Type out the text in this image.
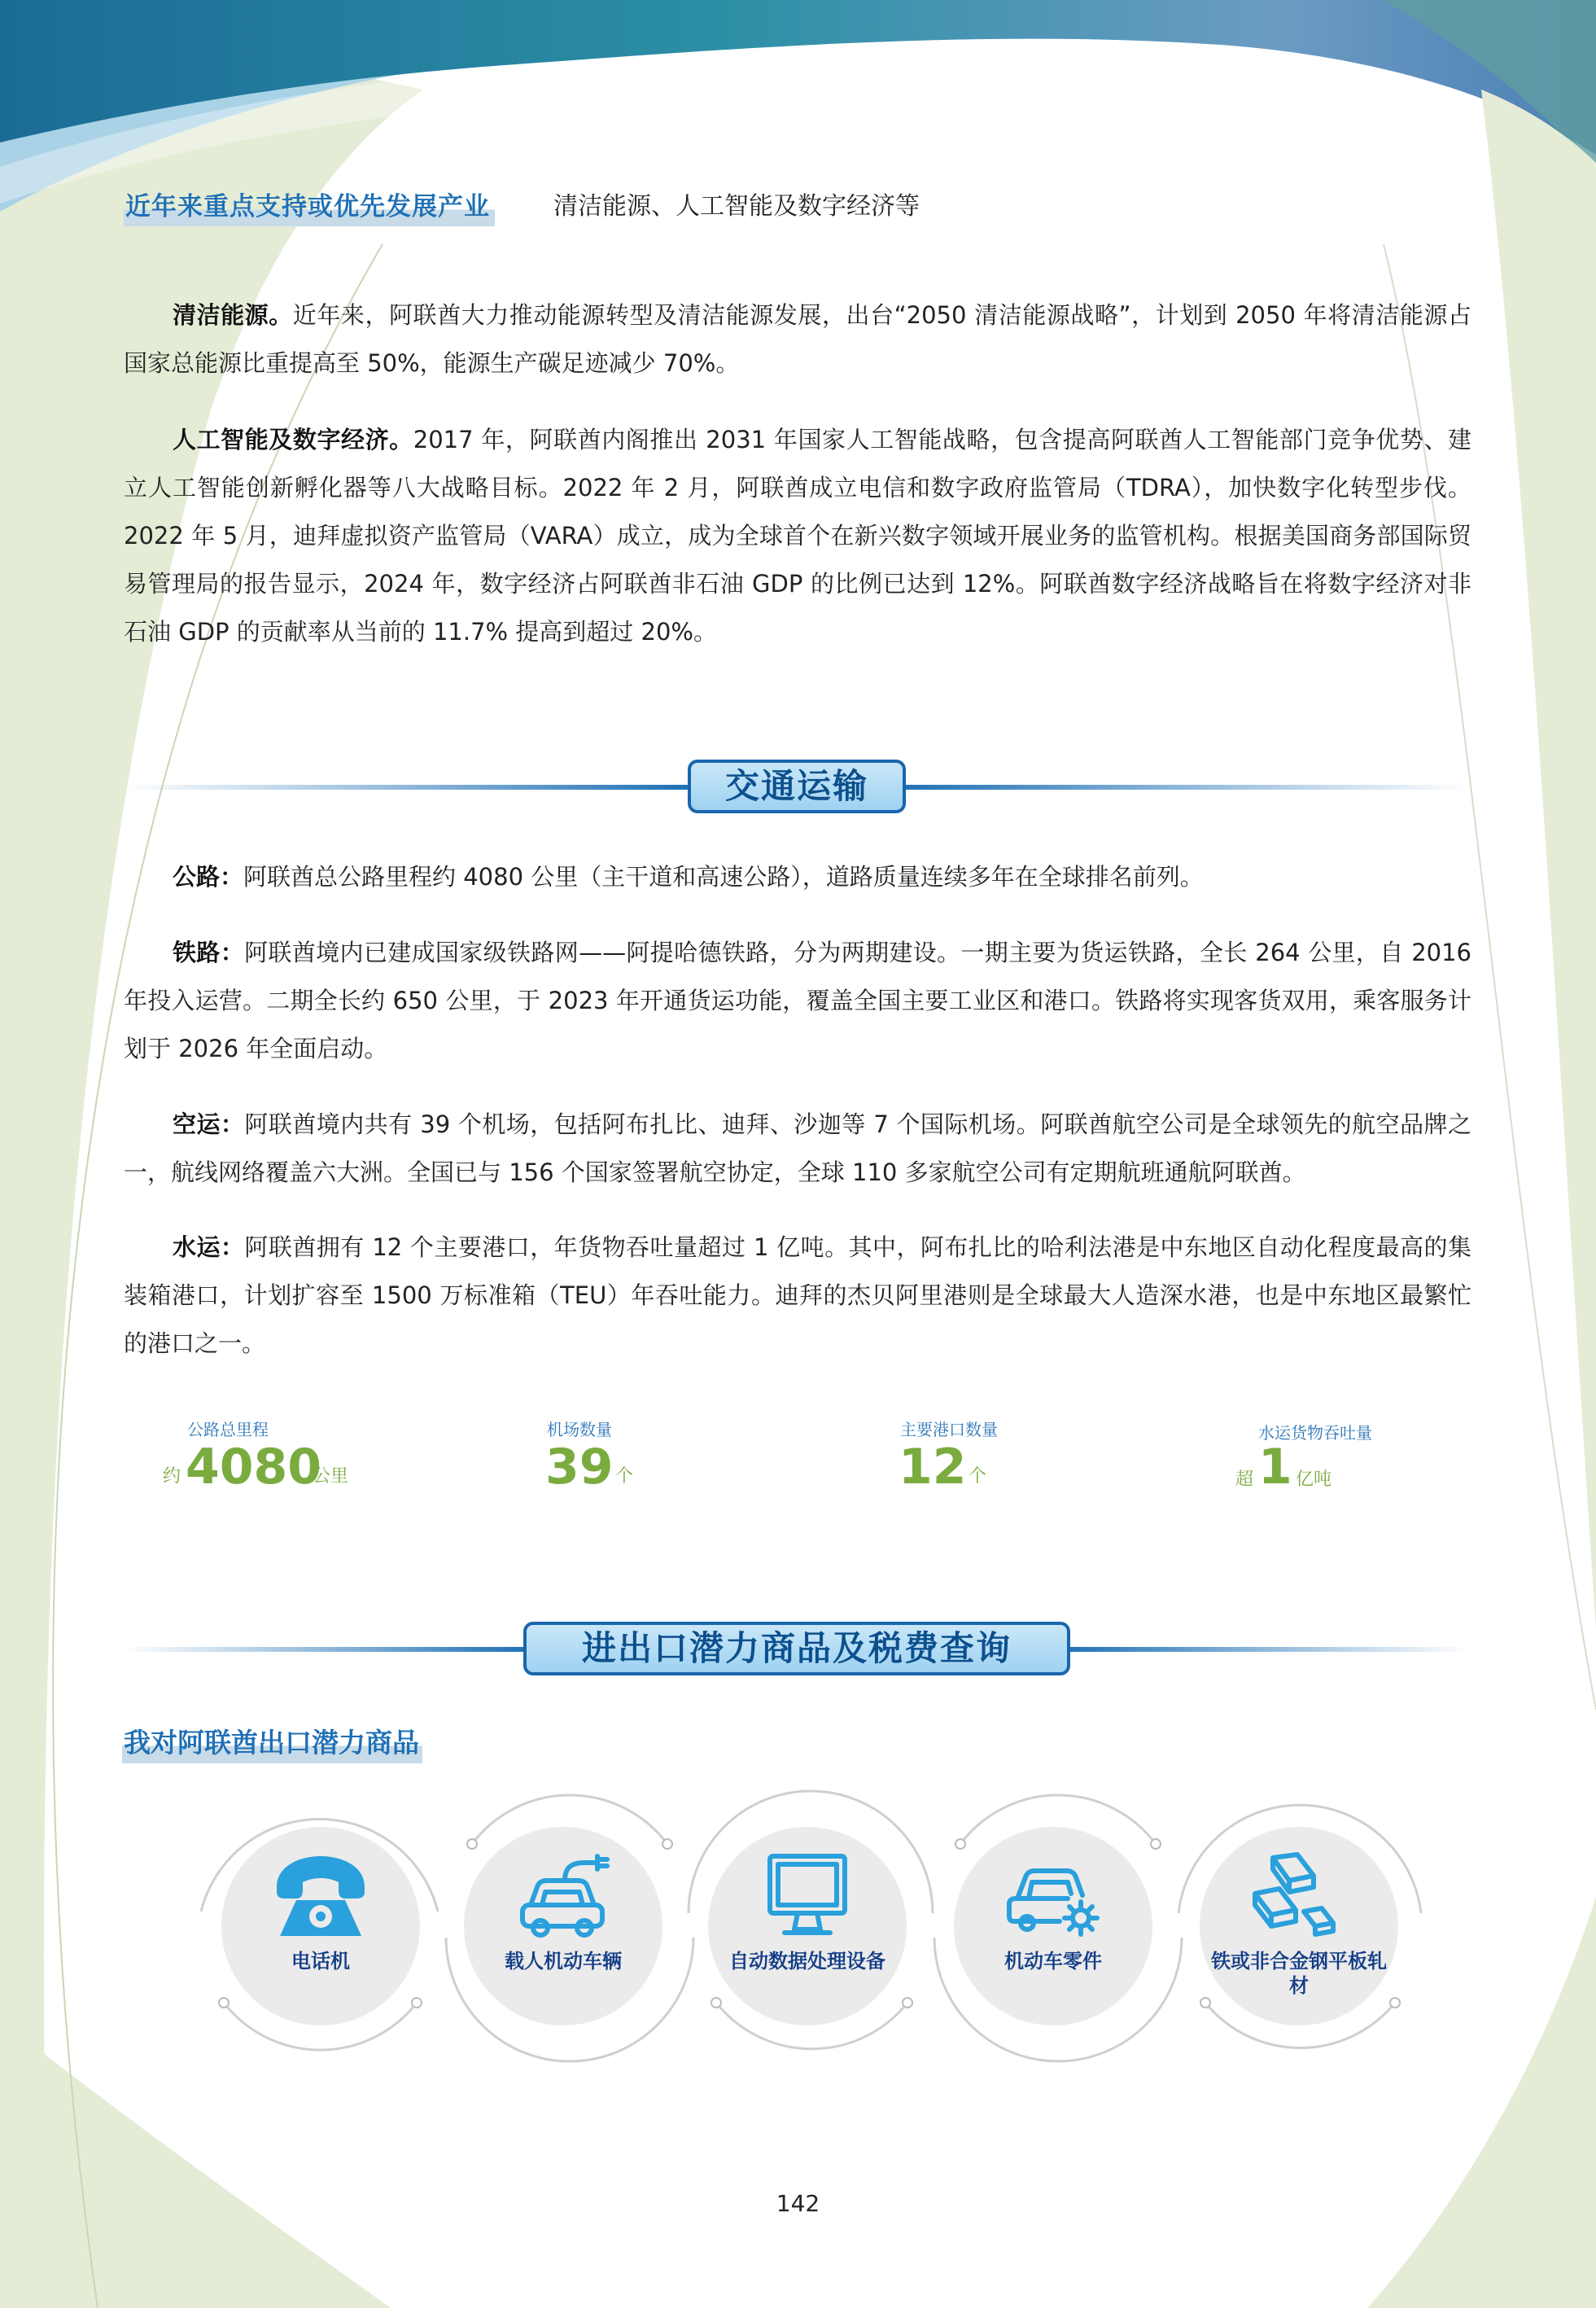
近年来重点支持或优先发展产业	清洁能源、人工智能及数字经济等

清洁能源。近年来，阿联酋大力推动能源转型及清洁能源发展，出台“2050 清洁能源战略”，计划到 2050 年将清洁能源占国家总能源比重提高至 50%，能源生产碳足迹减少 70%。

人工智能及数字经济。2017 年，阿联酋内阁推出 2031 年国家人工智能战略，包含提高阿联酋人工智能部门竞争优势、建立人工智能创新孵化器等八大战略目标。2022 年 2 月，阿联酋成立电信和数字政府监管局（TDRA），加快数字化转型步伐。2022 年 5 月，迪拜虚拟资产监管局（VARA）成立，成为全球首个在新兴数字领域开展业务的监管机构。根据美国商务部国际贸易管理局的报告显示，2024 年，数字经济占阿联酋非石油 GDP 的比例已达到 12%。阿联酋数字经济战略旨在将数字经济对非石油 GDP 的贡献率从当前的 11.7% 提高到超过 20%。

交通运输

公路：阿联酋总公路里程约 4080 公里（主干道和高速公路），道路质量连续多年在全球排名前列。

铁路：阿联酋境内已建成国家级铁路网——阿提哈德铁路，分为两期建设。一期主要为货运铁路，全长 264 公里，自 2016 年投入运营。二期全长约 650 公里，于 2023 年开通货运功能，覆盖全国主要工业区和港口。铁路将实现客货双用，乘客服务计划于 2026 年全面启动。

空运：阿联酋境内共有 39 个机场，包括阿布扎比、迪拜、沙迦等 7 个国际机场。阿联酋航空公司是全球领先的航空品牌之一，航线网络覆盖六大洲。全国已与 156 个国家签署航空协定，全球 110 多家航空公司有定期航班通航阿联酋。

水运：阿联酋拥有 12 个主要港口，年货物吞吐量超过 1 亿吨。其中，阿布扎比的哈利法港是中东地区自动化程度最高的集装箱港口，计划扩容至 1500 万标准箱（TEU）年吞吐能力。迪拜的杰贝阿里港则是全球最大人造深水港，也是中东地区最繁忙的港口之一。

公路总里程
约 4080
公里
机场数量
39 个
主要港口数量
12 个
水运货物吞吐量
超 1 亿吨
进出口潜力商品及税费查询
我对阿联酋出口潜力商品
电话机	载人机动车辆	自动数据处理设备	机动车零件	铁或非合金钢平板轧材
142
